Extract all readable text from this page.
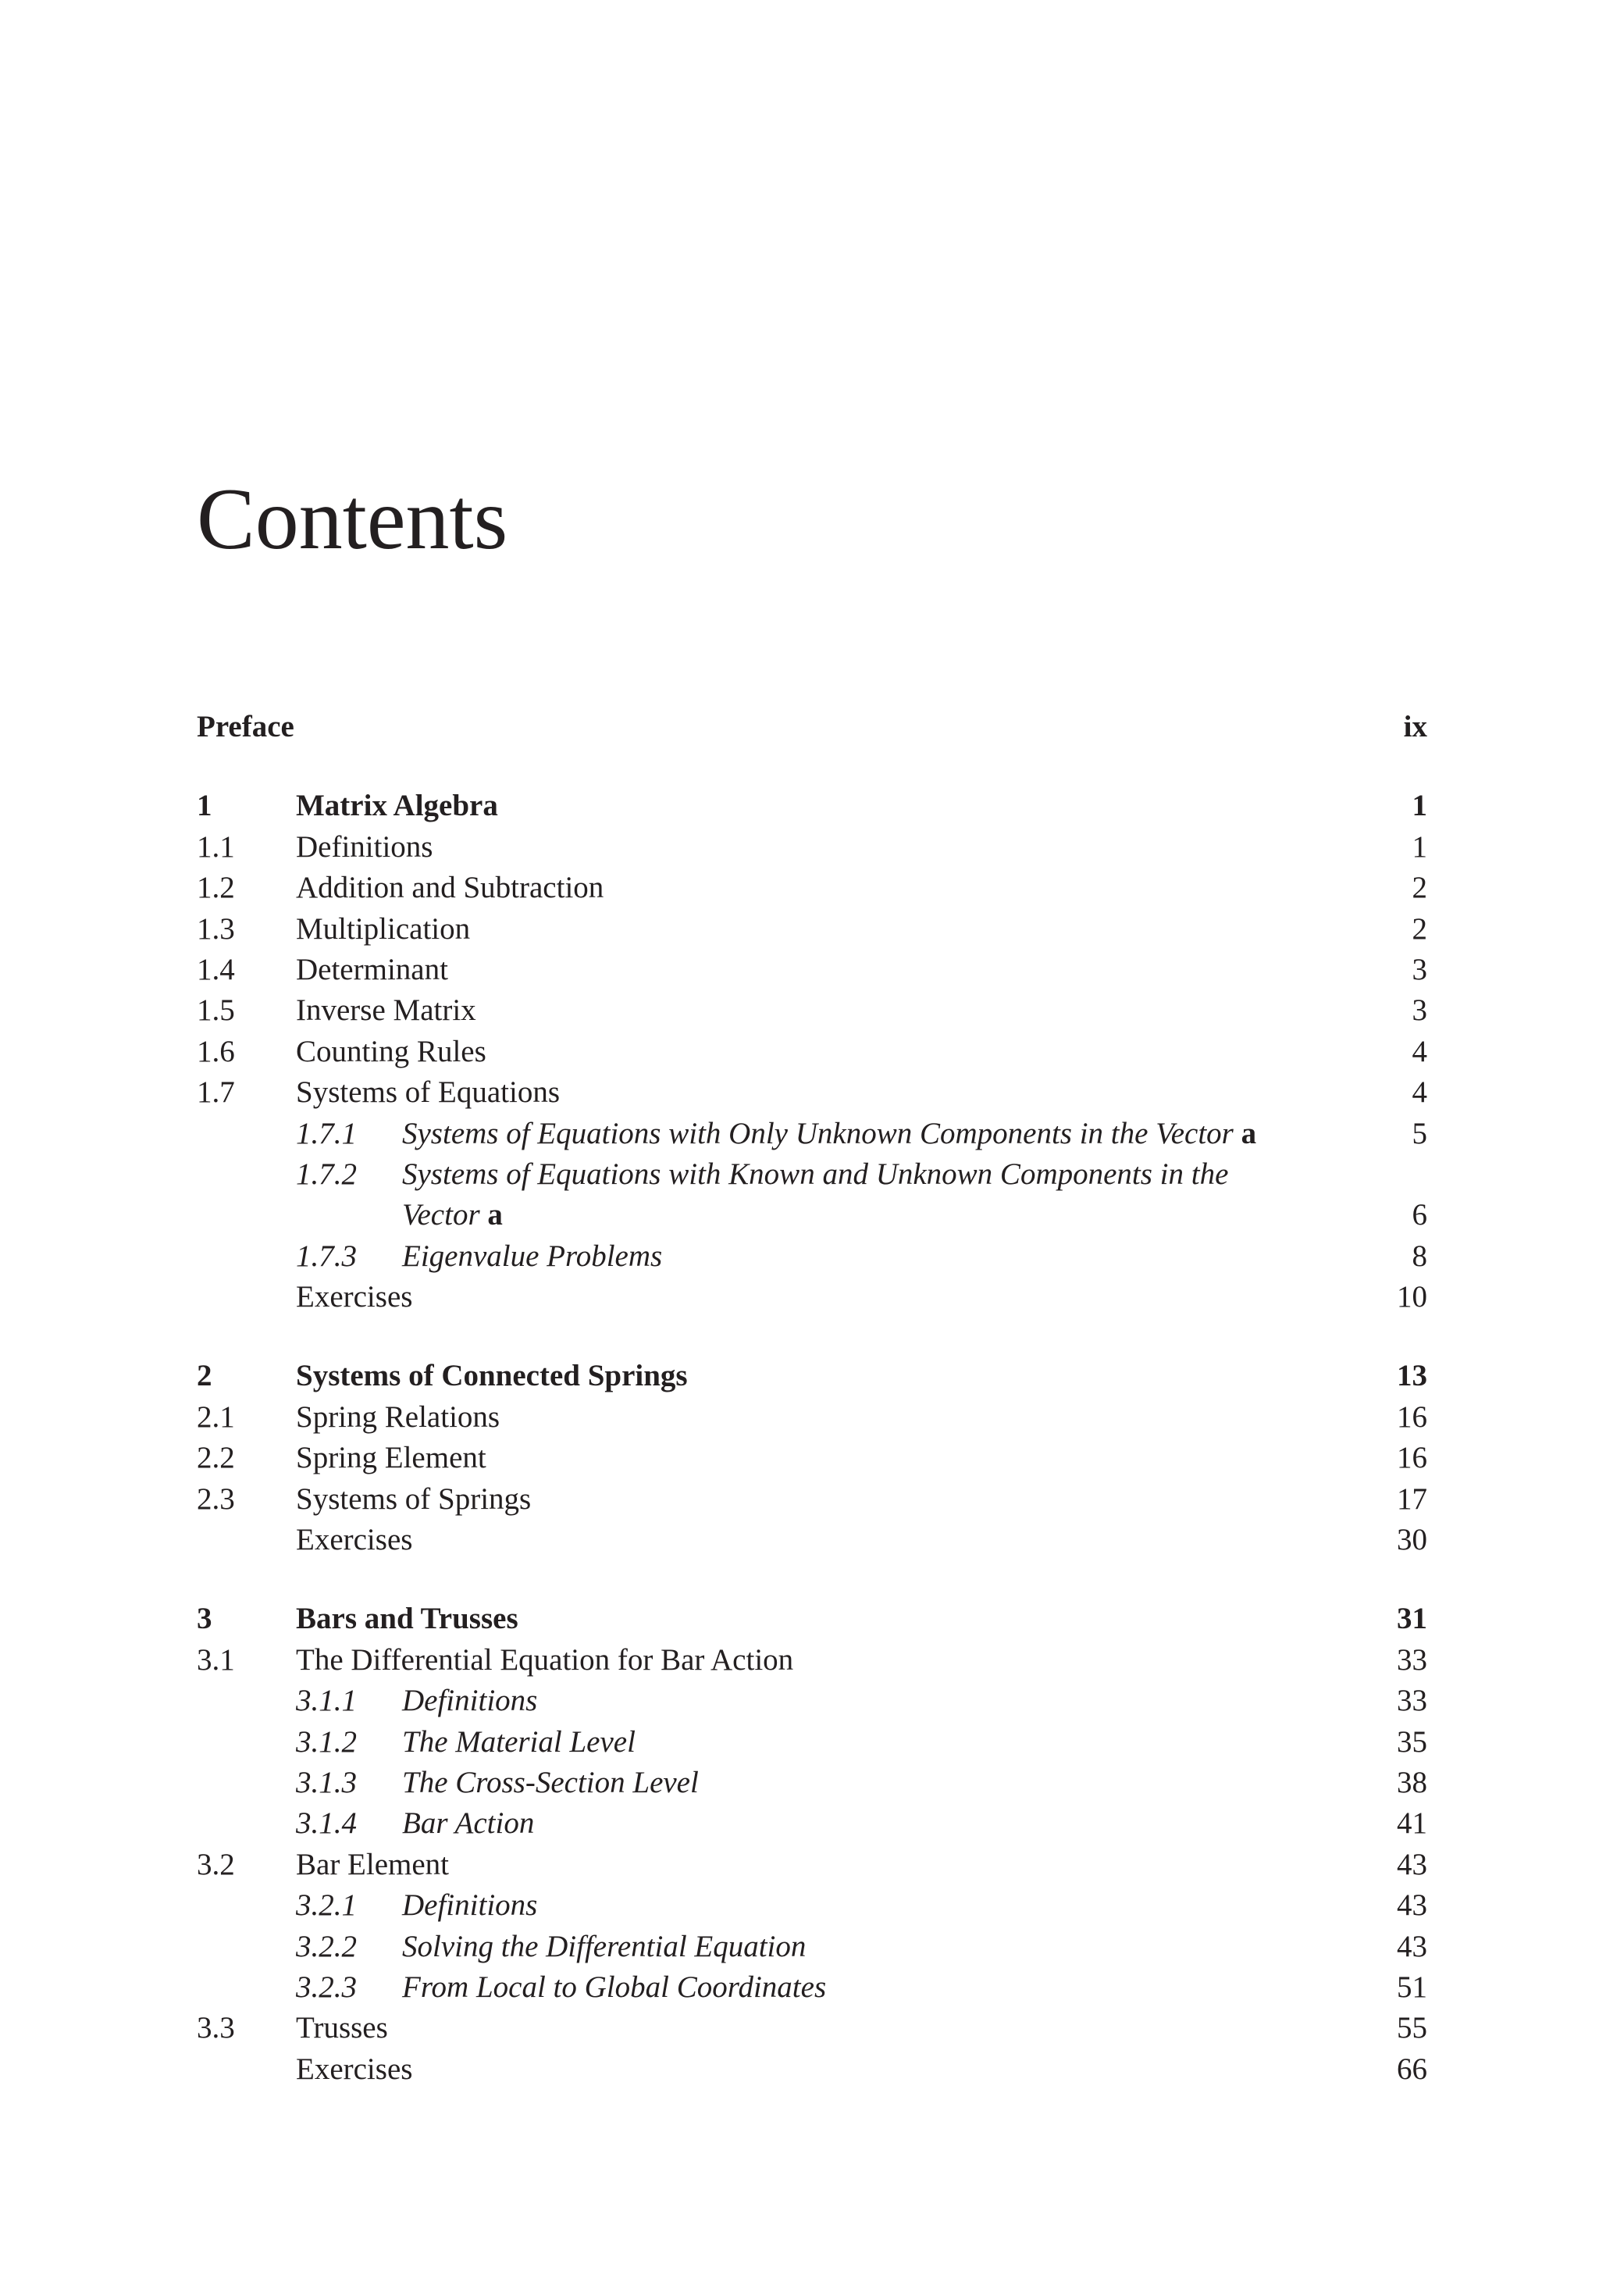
Contents
Preface	ix
1	Matrix Algebra	1
1.1 Definitions	1
1.2 Addition and Subtraction	2
1.3 Multiplication	2
1.4 Determinant	3
1.5 Inverse Matrix	3
1.6 Counting Rules	4
1.7 Systems of Equations	4
1.7.1 Systems of Equations with Only Unknown Components in the Vector a	5
1.7.2 Systems of Equations with Known and Unknown Components in the Vector a	6
1.7.3 Eigenvalue Problems	8
Exercises	10
2	Systems of Connected Springs	13
2.1 Spring Relations	16
2.2 Spring Element	16
2.3 Systems of Springs	17
Exercises	30
3	Bars and Trusses	31
3.1 The Differential Equation for Bar Action	33
3.1.1 Definitions	33
3.1.2 The Material Level	35
3.1.3 The Cross-Section Level	38
3.1.4 Bar Action	41
3.2 Bar Element	43
3.2.1 Definitions	43
3.2.2 Solving the Differential Equation	43
3.2.3 From Local to Global Coordinates	51
3.3 Trusses	55
Exercises	66
